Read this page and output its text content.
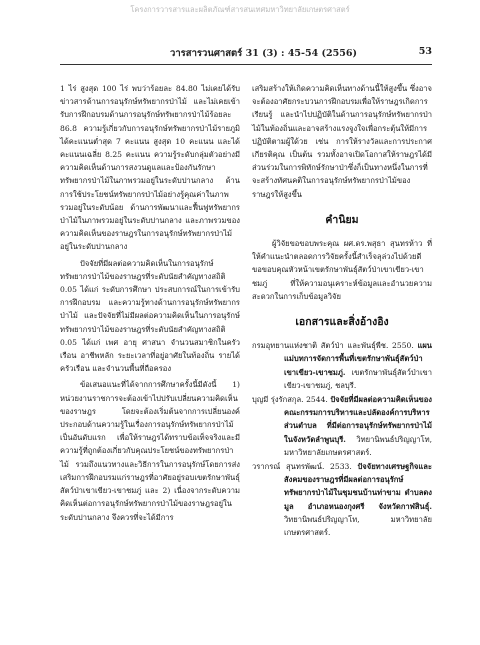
โครงการวารสารและผลิตภัณฑ์สารสนเทศมหาวิทยาลัยเกษตรศาสตร์
วารสารวนศาสตร์ 31 (3) : 45-54 (2556)	53

1 ไร่ สูงสุด 100 ไร่ พบว่าร้อยละ 84.80 ไม่เคยได้รับข่าวสารด้านการอนุรักษ์ทรัพยากรป่าไม้ และไม่เคยเข้ารับการฝึกอบรมด้านการอนุรักษ์ทรัพยากรป่าไม้ร้อยละ 86.8 ความรู้เกี่ยวกับการอนุรักษ์ทรัพยากรป่าไม้รายภูมิได้คะแนนต่ำสุด 7 คะแนน สูงสุด 10 คะแนน และได้คะแนนเฉลี่ย 8.25 คะแนน ความรู้ระดับกลุ่มตัวอย่างมีความคิดเห็นด้านการสงวนดูแลและป้องกันรักษาทรัพยากรป่าไม้ในภาพรวมอยู่ในระดับปานกลาง ด้านการใช้ประโยชน์ทรัพยากรป่าไม้อย่างรู้คุณค่าในภาพรวมอยู่ในระดับน้อย ด้านการพัฒนาและฟื้นฟูทรัพยากรป่าไม้ในภาพรวมอยู่ในระดับปานกลาง และภาพรวมของความคิดเห็นของราษฎรในการอนุรักษ์ทรัพยากรป่าไม้อยู่ในระดับปานกลาง

ปัจจัยที่มีผลต่อความคิดเห็นในการอนุรักษ์ทรัพยากรป่าไม้ของราษฎรที่ระดับนัยสำคัญทางสถิติ 0.05 ได้แก่ ระดับการศึกษา ประสบการณ์ในการเข้ารับการฝึกอบรม และความรู้ทางด้านการอนุรักษ์ทรัพยากรป่าไม้ และปัจจัยที่ไม่มีผลต่อความคิดเห็นในการอนุรักษ์ทรัพยากรป่าไม้ของราษฎรที่ระดับนัยสำคัญทางสถิติ 0.05 ได้แก่ เพศ อายุ ศาสนา จำนวนสมาชิกในครัวเรือน อาชีพหลัก ระยะเวลาที่อยู่อาศัยในท้องถิ่น รายได้ครัวเรือน และจำนวนพื้นที่ถือครอง

ข้อเสนอแนะที่ได้จากการศึกษาครั้งนี้มีดังนี้ 1) หน่วยงานราชการจะต้องเข้าไปปรับเปลี่ยนความคิดเห็นของราษฎร โดยจะต้องเริ่มต้นจากการเปลี่ยนองค์ประกอบด้านความรู้ในเรื่องการอนุรักษ์ทรัพยากรป่าไม้เป็นอันดับแรก เพื่อให้ราษฎรได้ทราบข้อเท็จจริงและมีความรู้ที่ถูกต้องเกี่ยวกับคุณประโยชน์ของทรัพยากรป่าไม้ รวมถึงแนวทางและวิธีการในการอนุรักษ์โดยการส่งเสริมการฝึกอบรมแก่ราษฎรที่อาศัยอยู่รอบเขตรักษาพันธุ์สัตว์ป่าเขาเขียว-เขาชมภู่ และ 2) เนื่องจากระดับความคิดเห็นต่อการอนุรักษ์ทรัพยากรป่าไม้ของราษฎรอยู่ในระดับปานกลาง จึงควรที่จะได้มีการ

เสริมสร้างให้เกิดความคิดเห็นทางด้านนี้ให้สูงขึ้น ซึ่งอาจจะต้องอาศัยกระบวนการฝึกอบรมเพื่อให้ราษฎรเกิดการเรียนรู้ และนำไปปฏิบัติในด้านการอนุรักษ์ทรัพยากรป่าไม้ในท้องถิ่นและอาจสร้างแรงจูงใจเพื่อกระตุ้นให้มีการปฏิบัติตามผู้ใด้วย เช่น การให้รางวัลและการประกาศเกียรติคุณ เป็นต้น รวมทั้งอาจเปิดโอกาสให้ราษฎรได้มีส่วนร่วมในการพิทักษ์รักษาป่าซึ่งก็เป็นทางหนึ่งในการที่จะสร้างทัศนคติในการอนุรักษ์ทรัพยากรป่าไม้ของราษฎรให้สูงขึ้น

คำนิยม

ผู้วิจัยขอขอบพระคุณ ผศ.ดร.พสุธา สุนทรห้าว ที่ให้คำแนะนำตลอดการวิจัยครั้งนี้สำเร็จลุล่วงไปด้วยดี ขอขอบคุณหัวหน้าเขตรักษาพันธุ์สัตว์ป่าเขาเขียว-เขาชมภู่ ที่ให้ความอนุเคราะห์ข้อมูลและอำนวยความสะดวกในการเก็บข้อมูลวิจัย

เอกสารและสิ่งอ้างอิง
กรมอุทยานแห่งชาติ สัตว์ป่า และพันธุ์พืช. 2550. แผนแม่บทการจัดการพื้นที่เขตรักษาพันธุ์สัตว์ป่าเขาเขียว-เขาชมภู่. เขตรักษาพันธุ์สัตว์ป่าเขาเขียว-เขาชมภู่, ชลบุรี.
บุญมี รุ่งรักสกุล. 2544. ปัจจัยที่มีผลต่อความคิดเห็นของคณะกรรมการบริหารและปลัดองค์การบริหารส่วนตำบล ที่มีต่อการอนุรักษ์ทรัพยากรป่าไม้ในจังหวัดลำพูนบุรี. วิทยานิพนธ์ปริญญาโท, มหาวิทยาลัยเกษตรศาสตร์.
วรากรณ์ สุนทรพัฒน์. 2533. ปัจจัยทางเศรษฐกิจและสังคมของราษฎรที่มีผลต่อการอนุรักษ์ทรัพยากรป่าไม้ในชุมชนบ้านท่าขาม ตำบลดงมูล อำเภอหนองกุงศรี จังหวัดกาฬสินธุ์. วิทยานิพนธ์ปริญญาโท, มหาวิทยาลัยเกษตรศาสตร์.
